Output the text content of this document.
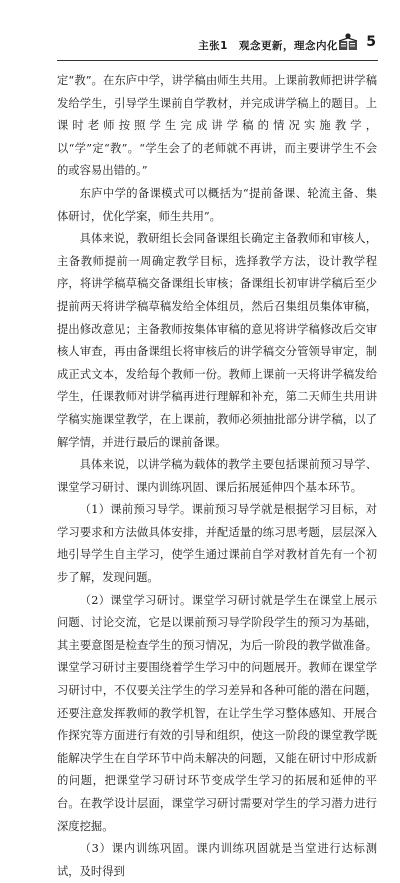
主张1　观念更新，理念内化 5

定“教”。在东庐中学，讲学稿由师生共用。上课前教师把讲学稿发给学生，引导学生课前自学教材，并完成讲学稿上的题目。上课时老师按照学生完成讲学稿的情况实施教学，以“学”定“教”。“学生会了的老师就不再讲，而主要讲学生不会的或容易出错的。”

东庐中学的备课模式可以概括为“提前备课、轮流主备、集体研讨，优化学案，师生共用”。

具体来说，教研组长会同备课组长确定主备教师和审核人，主备教师提前一周确定教学目标，选择教学方法，设计教学程序，将讲学稿草稿交备课组长审核；备课组长初审讲学稿后至少提前两天将讲学稿草稿发给全体组员，然后召集组员集体审稿，提出修改意见；主备教师按集体审稿的意见将讲学稿修改后交审核人审查，再由备课组长将审核后的讲学稿交分管领导审定，制成正式文本，发给每个教师一份。教师上课前一天将讲学稿发给学生，任课教师对讲学稿再进行理解和补充，第二天师生共用讲学稿实施课堂教学，在上课前，教师必须抽批部分讲学稿，以了解学情，并进行最后的课前备课。

具体来说，以讲学稿为载体的教学主要包括课前预习导学、课堂学习研讨、课内训练巩固、课后拓展延伸四个基本环节。

（1）课前预习导学。课前预习导学就是根据学习目标，对学习要求和方法做具体安排，并配适量的练习思考题，层层深入地引导学生自主学习，使学生通过课前自学对教材首先有一个初步了解，发现问题。

（2）课堂学习研讨。课堂学习研讨就是学生在课堂上展示问题、讨论交流，它是以课前预习导学阶段学生的预习为基础，其主要意图是检查学生的预习情况，为后一阶段的教学做准备。课堂学习研讨主要围绕着学生学习中的问题展开。教师在课堂学习研讨中，不仅要关注学生的学习差异和各种可能的潜在问题，还要注意发挥教师的教学机智，在让学生学习整体感知、开展合作探究等方面进行有效的引导和组织，使这一阶段的课堂教学既能解决学生在自学环节中尚未解决的问题，又能在研讨中形成新的问题，把课堂学习研讨环节变成学生学习的拓展和延伸的平台。在教学设计层面，课堂学习研讨需要对学生的学习潜力进行深度挖掘。

（3）课内训练巩固。课内训练巩固就是当堂进行达标测试，及时得到
